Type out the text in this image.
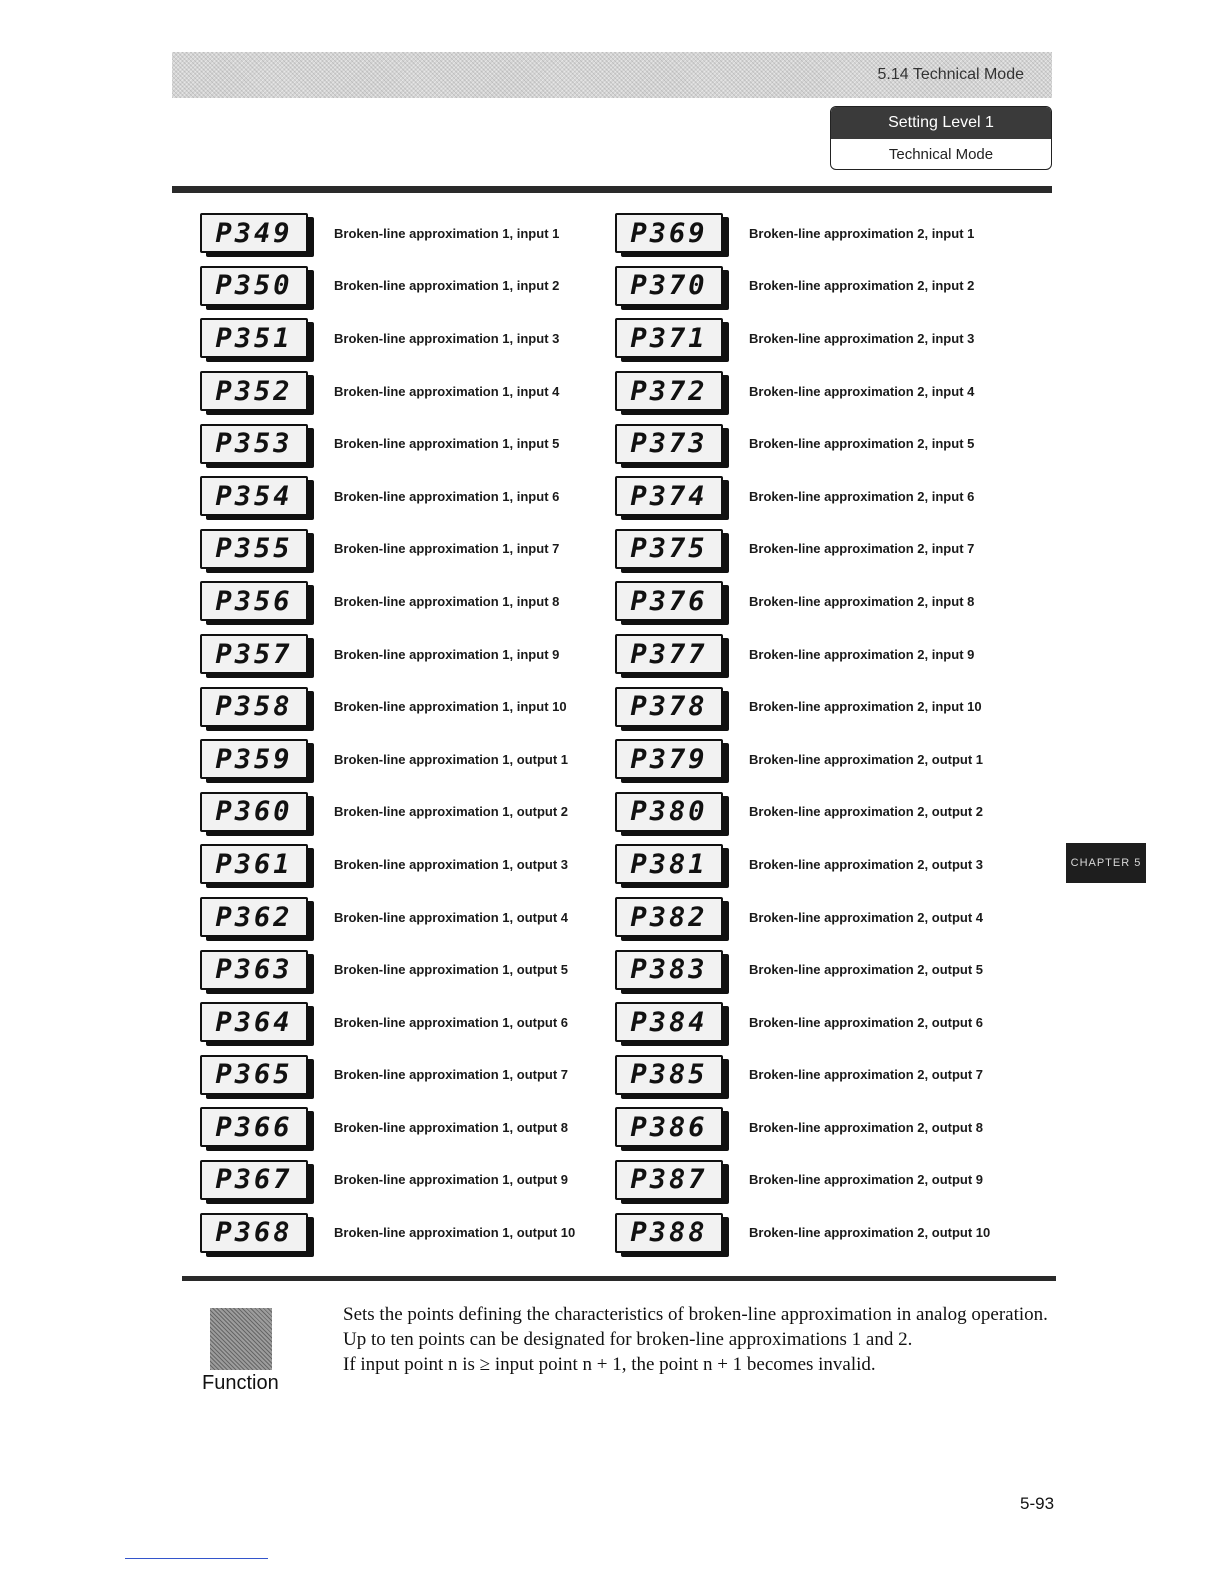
5.14 Technical Mode
Setting Level 1
Technical Mode
P349	Broken-line approximation 1, input 1	P369	Broken-line approximation 2, input 1
P350	Broken-line approximation 1, input 2	P370	Broken-line approximation 2, input 2
P351	Broken-line approximation 1, input 3	P371	Broken-line approximation 2, input 3
P352	Broken-line approximation 1, input 4	P372	Broken-line approximation 2, input 4
P353	Broken-line approximation 1, input 5	P373	Broken-line approximation 2, input 5
P354	Broken-line approximation 1, input 6	P374	Broken-line approximation 2, input 6
P355	Broken-line approximation 1, input 7	P375	Broken-line approximation 2, input 7
P356	Broken-line approximation 1, input 8	P376	Broken-line approximation 2, input 8
P357	Broken-line approximation 1, input 9	P377	Broken-line approximation 2, input 9
P358	Broken-line approximation 1, input 10	P378	Broken-line approximation 2, input 10
P359	Broken-line approximation 1, output 1	P379	Broken-line approximation 2, output 1
P360	Broken-line approximation 1, output 2	P380	Broken-line approximation 2, output 2
P361	Broken-line approximation 1, output 3	P381	Broken-line approximation 2, output 3
P362	Broken-line approximation 1, output 4	P382	Broken-line approximation 2, output 4
P363	Broken-line approximation 1, output 5	P383	Broken-line approximation 2, output 5
P364	Broken-line approximation 1, output 6	P384	Broken-line approximation 2, output 6
P365	Broken-line approximation 1, output 7	P385	Broken-line approximation 2, output 7
P366	Broken-line approximation 1, output 8	P386	Broken-line approximation 2, output 8
P367	Broken-line approximation 1, output 9	P387	Broken-line approximation 2, output 9
P368	Broken-line approximation 1, output 10	P388	Broken-line approximation 2, output 10
CHAPTER 5
Function

Sets the points defining the characteristics of broken-line approximation in analog operation.

Up to ten points can be designated for broken-line approximations 1 and 2.

If input point n is ≥ input point n + 1, the point n + 1 becomes invalid.

5-93
